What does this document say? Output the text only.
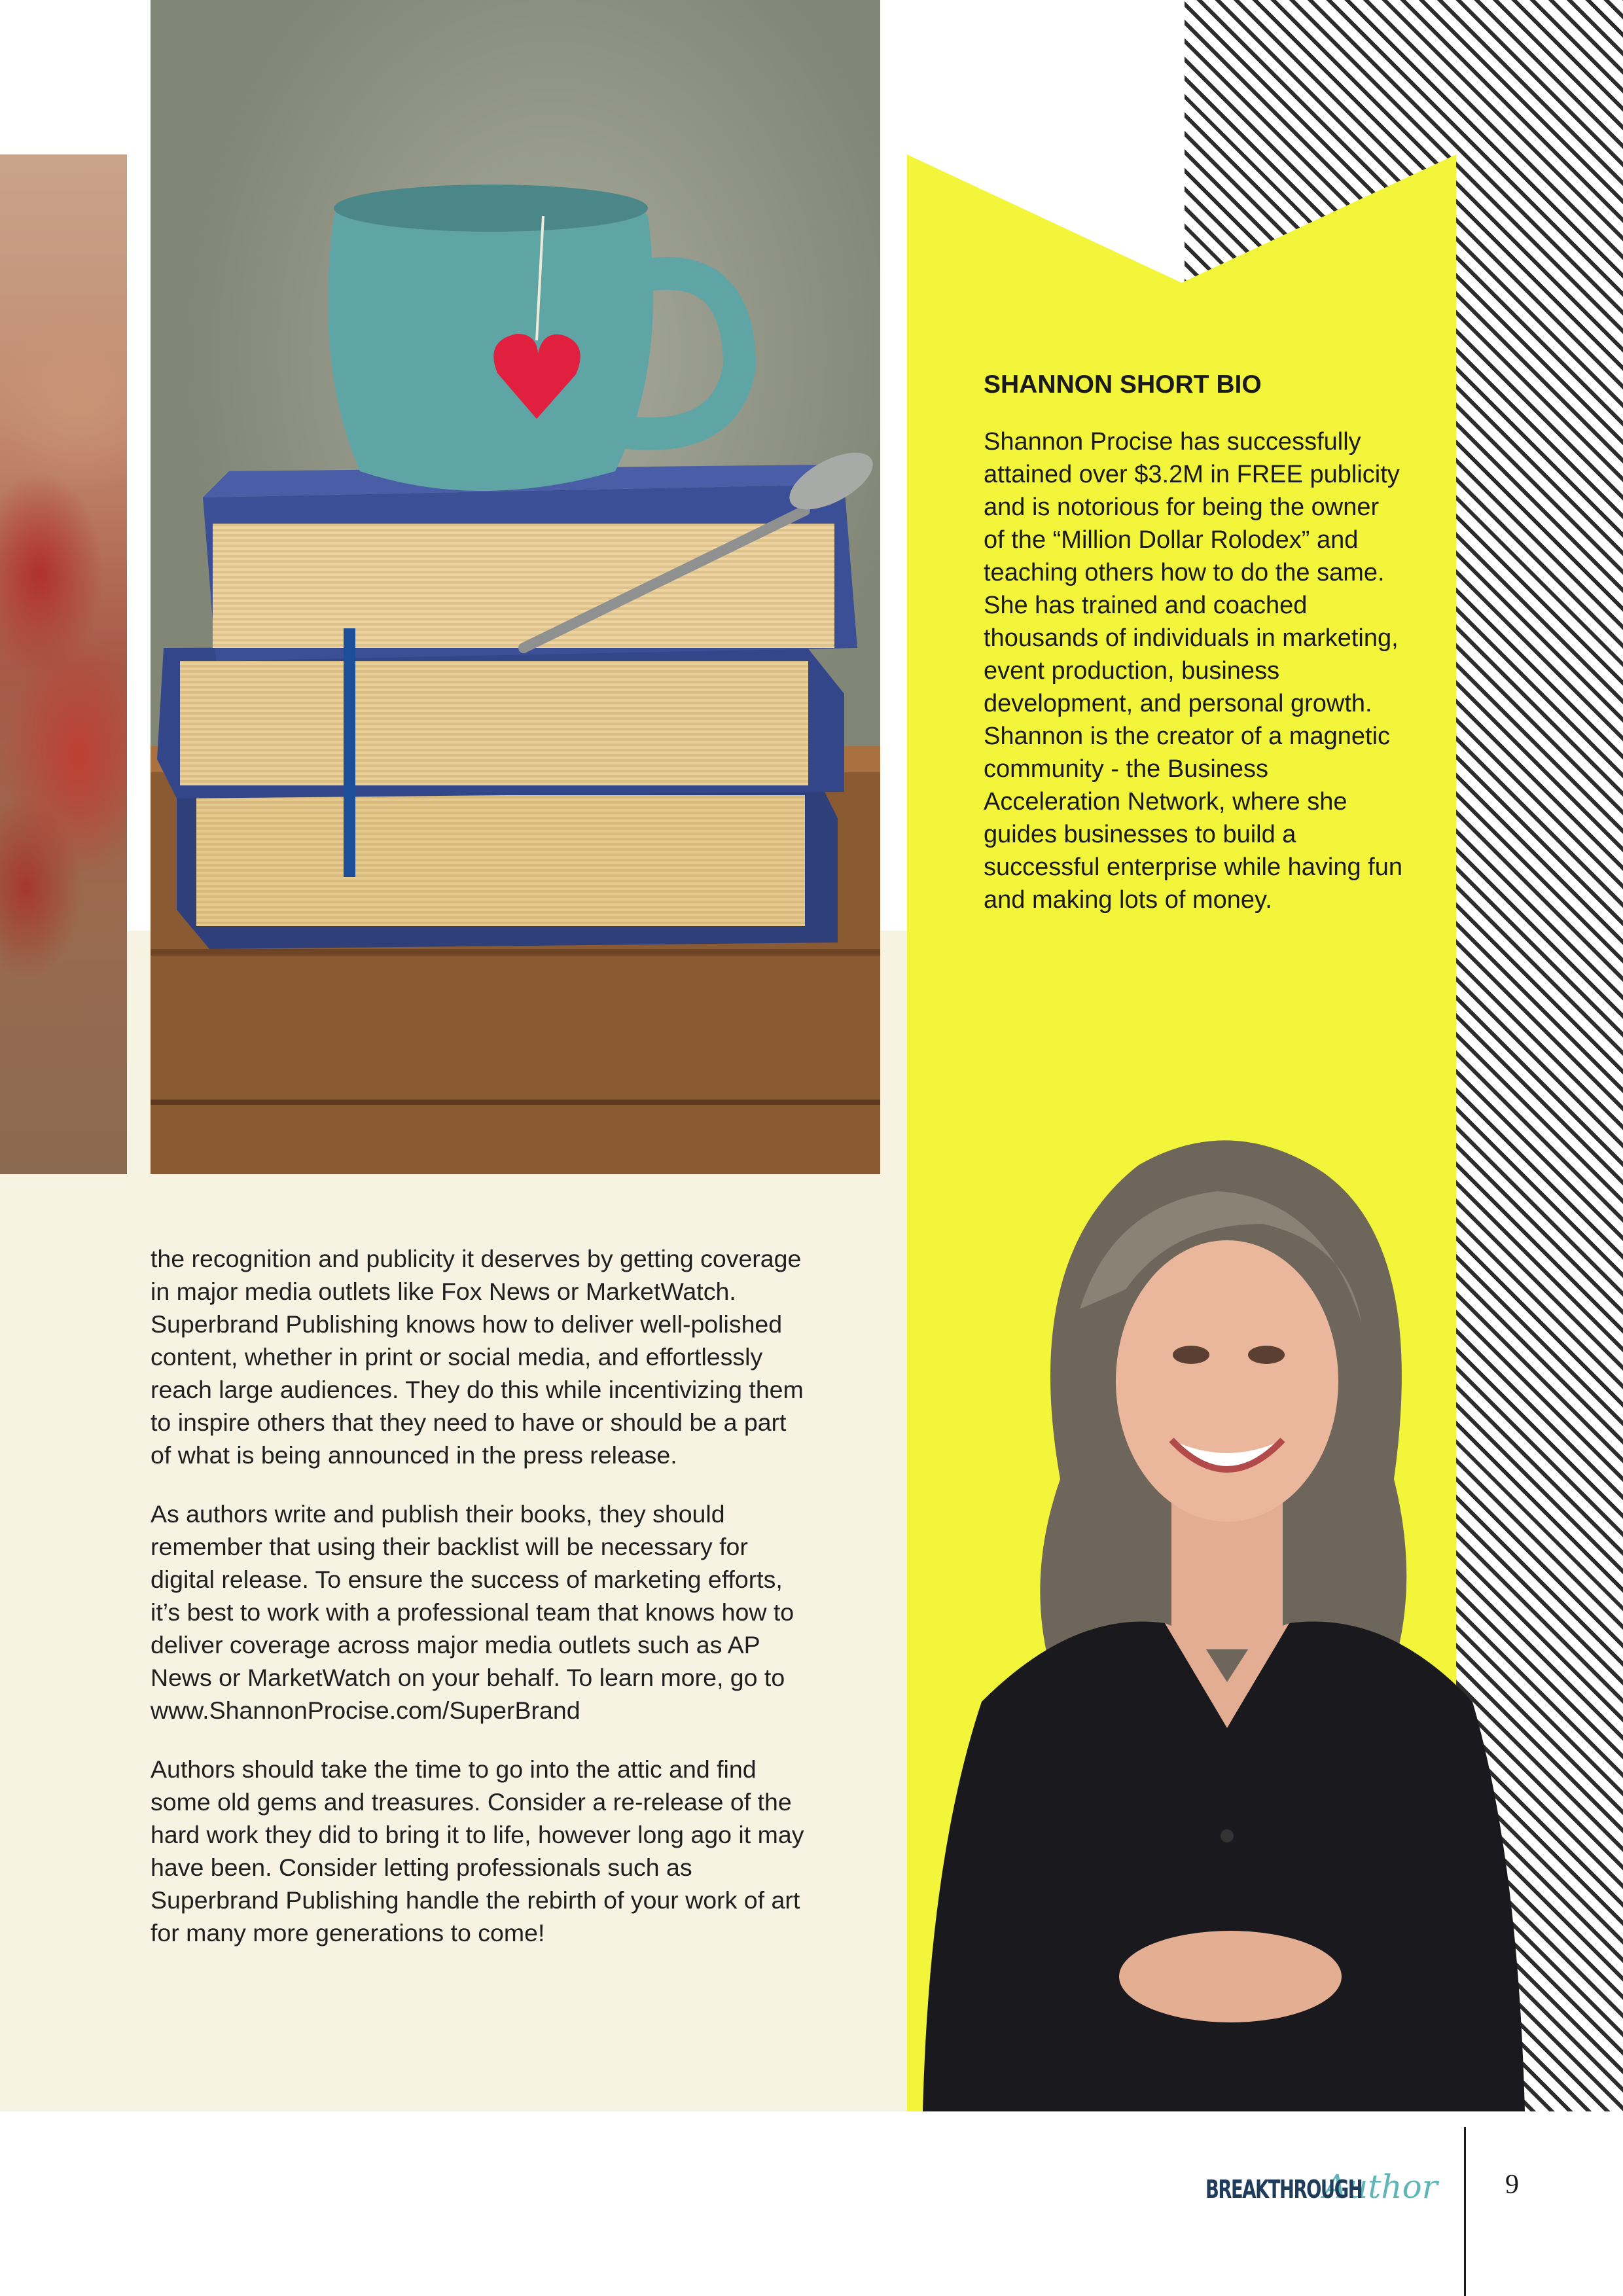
SHANNON SHORT BIO

Shannon Procise has successfully attained over $3.2M in FREE publicity and is notorious for being the owner of the “Million Dollar Rolodex” and teaching others how to do the same. She has trained and coached thousands of individuals in marketing, event production, business development, and personal growth. Shannon is the creator of a magnetic community - the Business Acceleration Network, where she guides businesses to build a successful enterprise while having fun and making lots of money.

the recognition and publicity it deserves by getting coverage in major media outlets like Fox News or MarketWatch. Superbrand Publishing knows how to deliver well-polished content, whether in print or social media, and effortlessly reach large audiences. They do this while incentivizing them to inspire others that they need to have or should be a part of what is being announced in the press release.

As authors write and publish their books, they should remember that using their backlist will be necessary for digital release. To ensure the success of marketing efforts, it’s best to work with a professional team that knows how to deliver coverage across major media outlets such as AP News or MarketWatch on your behalf. To learn more, go to www.ShannonProcise.com/SuperBrand

Authors should take the time to go into the attic and find some old gems and treasures. Consider a re-release of the hard work they did to bring it to life, however long ago it may have been. Consider letting professionals such as Superbrand Publishing handle the rebirth of your work of art for many more generations to come!

BREAKTHROUGH
Author 9
